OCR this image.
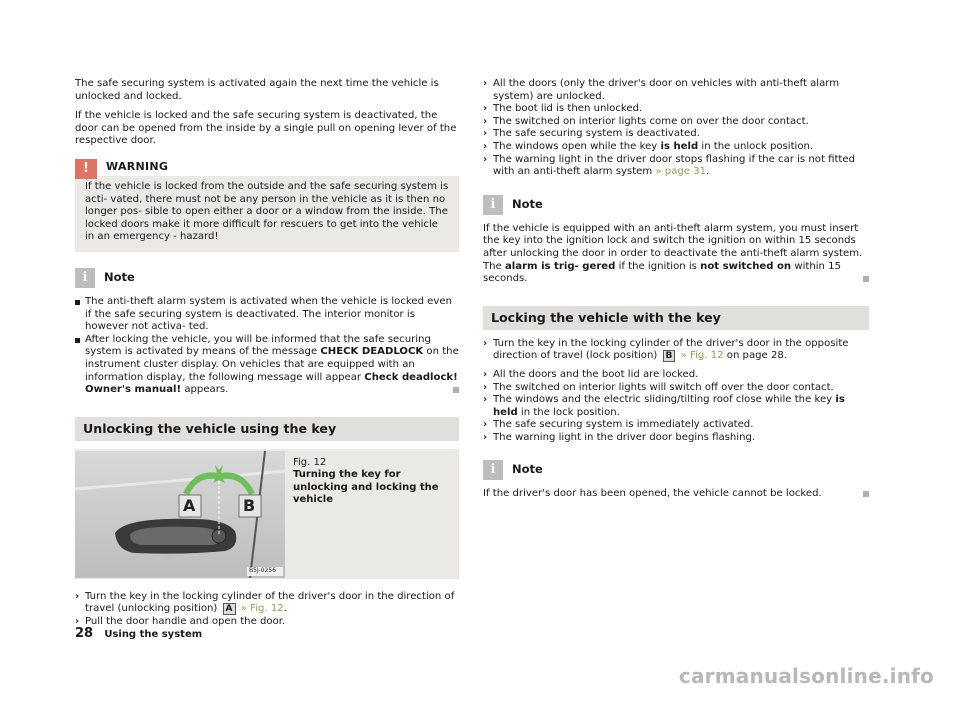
The safe securing system is activated again the next time the vehicle is unlocked and locked.

If the vehicle is locked and the safe securing system is deactivated, the door can be opened from the inside by a single pull on opening lever of the respective door.

!	WARNING
If the vehicle is locked from the outside and the safe securing system is acti- vated, there must not be any person in the vehicle as it is then no longer pos- sible to open either a door or a window from the inside. The locked doors make it more difficult for rescuers to get into the vehicle in an emergency - hazard!
i	Note
The anti-theft alarm system is activated when the vehicle is locked even if the safe securing system is deactivated. The interior monitor is however not activa- ted.
After locking the vehicle, you will be informed that the safe securing system is activated by means of the message CHECK DEADLOCK on the instrument cluster display. On vehicles that are equipped with an information display, the following message will appear Check deadlock! Owner's manual! appears.
Unlocking the vehicle using the key
A	B
B5J-0256
Fig. 12
Turning the key for unlocking and locking the vehicle
› Turn the key in the locking cylinder of the driver's door in the direction of travel (unlocking position) A » Fig. 12.
› Pull the door handle and open the door.
› All the doors (only the driver's door on vehicles with anti-theft alarm system) are unlocked.
› The boot lid is then unlocked.
› The switched on interior lights come on over the door contact.
› The safe securing system is deactivated.
› The windows open while the key is held in the unlock position.
› The warning light in the driver door stops flashing if the car is not fitted with an anti-theft alarm system » page 31.
i	Note

If the vehicle is equipped with an anti-theft alarm system, you must insert the key into the ignition lock and switch the ignition on within 15 seconds after unlocking the door in order to deactivate the anti-theft alarm system. The alarm is trig- gered if the ignition is not switched on within 15 seconds.

Locking the vehicle with the key
› Turn the key in the locking cylinder of the driver's door in the opposite direction of travel (lock position) B » Fig. 12 on page 28.
› All the doors and the boot lid are locked.
› The switched on interior lights will switch off over the door contact.
› The windows and the electric sliding/tilting roof close while the key is held in the lock position.
› The safe securing system is immediately activated.
› The warning light in the driver door begins flashing.
i	Note

If the driver's door has been opened, the vehicle cannot be locked.

28 Using the system
carmanualsonline.info
